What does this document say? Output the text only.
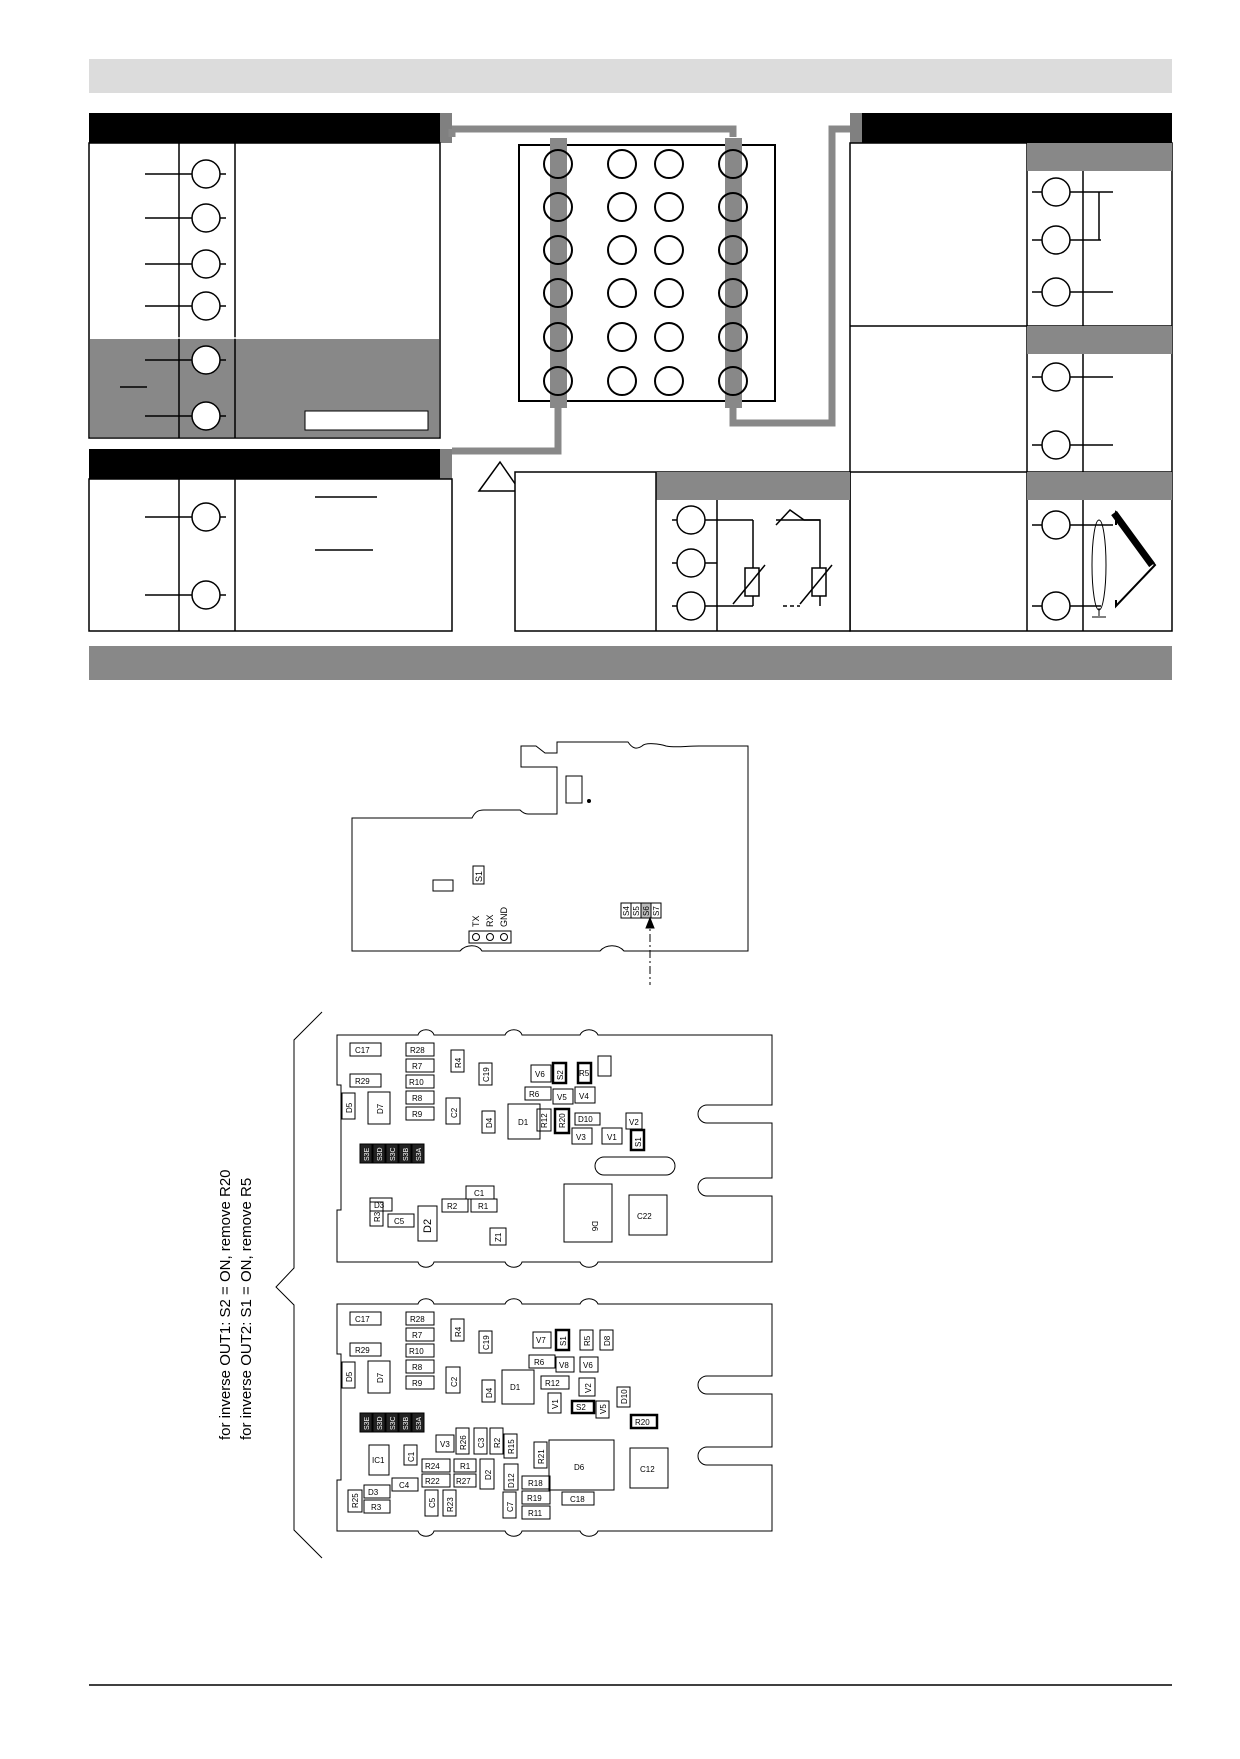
S1
TX RX GND	S4 S5 S6 S7
for inverse OUT1: S2 = ON, remove R20 for inverse OUT2: S1 = ON, remove R5
C17	R28
R4
C19
R7
R29	R10
R8
R9	C2
D5	D7
D4
V6 S2 R5
R6 V5 V4
D1 R12 R20 D10	V2
V1
V3	S1
C1
D3	R2	R1
R3 C5 D2
Z1
D6
C22
S3E S3D S3C S3B S3A
C17	R28
R4
C19
R7
R29	R10
R8
R9	C2
D5	D7
D4
V7 S1 R5 D8
R6 V8 V6
D1	R12	V2
V1 S2 V5
D10
R20
V3 R26 C3 R2 R15
R21
IC1	C1
R24	R1
R22 R27
D2
C4	D12 R18
D6	C12
R25
D3
R3	C5 R23	C7
R19
R11
C18
S3E S3D S3C S3B S3A
